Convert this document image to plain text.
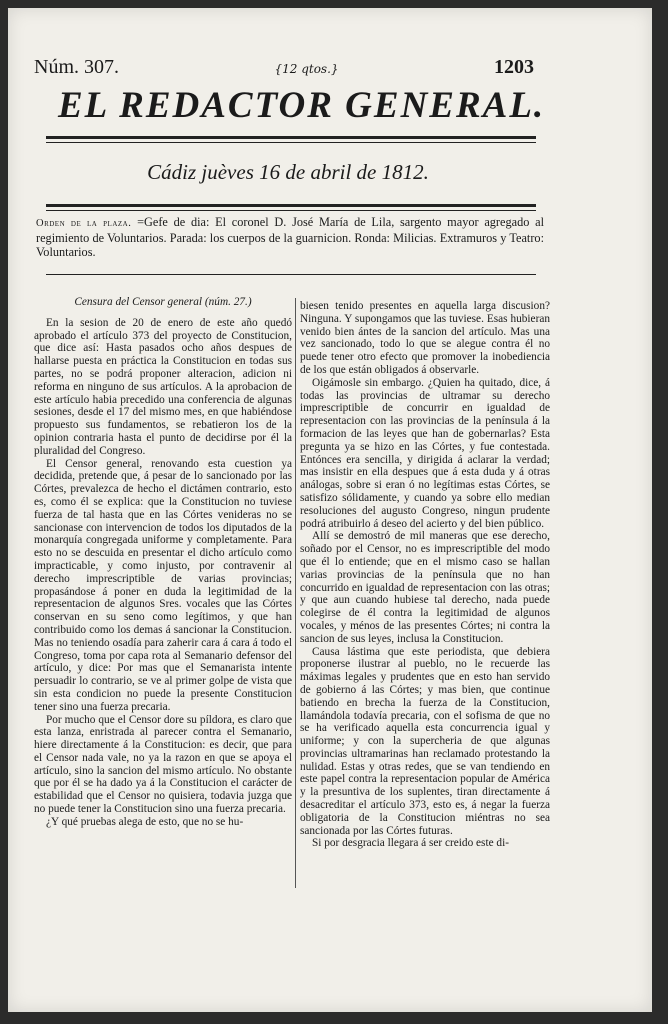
Núm. 307.	{12 qtos.}	1203
EL REDACTOR GENERAL.
Cádiz juèves 16 de abril de 1812.
Orden de la plaza. =Gefe de dia: El coronel D. José María de Lila, sargento mayor agregado al regimiento de Voluntarios. Parada: los cuerpos de la guarnicion. Ronda: Milicias. Extramuros y Teatro: Voluntarios.

Censura del Censor general (núm. 27.)

En la sesion de 20 de enero de este año quedó aprobado el artículo 373 del proyecto de Constitucion, que dice así: Hasta pasados ocho años despues de hallarse puesta en práctica la Constitucion en todas sus partes, no se podrá proponer alteracion, adicion ni reforma en ninguno de sus artículos. A la aprobacion de este artículo habia precedido una conferencia de algunas sesiones, desde el 17 del mismo mes, en que habiéndose propuesto sus fundamentos, se rebatieron los de la opinion contraria hasta el punto de decidirse por él la pluralidad del Congreso.

El Censor general, renovando esta cuestion ya decidida, pretende que, á pesar de lo sancionado por las Córtes, prevalezca de hecho el dictámen contrario, esto es, como él se explica: que la Constitucion no tuviese fuerza de tal hasta que en las Córtes venideras no se sancionase con intervencion de todos los diputados de la monarquía congregada uniforme y completamente. Para esto no se descuida en presentar el dicho artículo como impracticable, y como injusto, por contravenir al derecho imprescriptible de varias provincias; propasándose á poner en duda la legitimidad de la representacion de algunos Sres. vocales que las Córtes conservan en su seno como legítimos, y que han contribuido como los demas á sancionar la Constitucion. Mas no teniendo osadía para zaherir cara á cara á todo el Congreso, toma por capa rota al Semanario defensor del artículo, y dice: Por mas que el Semanarista intente persuadir lo contrario, se ve al primer golpe de vista que sin esta condicion no puede la presente Constitucion tener sino una fuerza precaria.

Por mucho que el Censor dore su píldora, es claro que esta lanza, enristrada al parecer contra el Semanario, hiere directamente á la Constitucion: es decir, que para el Censor nada vale, no ya la razon en que se apoya el artículo, sino la sancion del mismo artículo. No obstante que por él se ha dado ya á la Constitucion el carácter de estabilidad que el Censor no quisiera, todavia juzga que no puede tener la Constitucion sino una fuerza precaria.

¿Y qué pruebas alega de esto, que no se hu-

biesen tenido presentes en aquella larga discusion? Ninguna. Y supongamos que las tuviese. Esas hubieran venido bien ántes de la sancion del artículo. Mas una vez sancionado, todo lo que se alegue contra él no puede tener otro efecto que promover la inobediencia de los que están obligados á observarle.

Oigámosle sin embargo. ¿Quien ha quitado, dice, á todas las provincias de ultramar su derecho imprescriptible de concurrir en igualdad de representacion con las provincias de la península á la formacion de las leyes que han de gobernarlas? Esta pregunta ya se hizo en las Córtes, y fue contestada. Entónces era sencilla, y dirigida á aclarar la verdad; mas insistir en ella despues que á esta duda y á otras análogas, sobre si eran ó no legítimas estas Córtes, se satisfizo sólidamente, y cuando ya sobre ello median resoluciones del augusto Congreso, ningun prudente podrá atribuirlo á deseo del acierto y del bien público.

Allí se demostró de mil maneras que ese derecho, soñado por el Censor, no es imprescriptible del modo que él lo entiende; que en el mismo caso se hallan varias provincias de la península que no han concurrido en igualdad de representacion con las otras; y que aun cuando hubiese tal derecho, nada puede colegirse de él contra la legitimidad de algunos vocales, y ménos de las presentes Córtes; ni contra la sancion de sus leyes, inclusa la Constitucion.

Causa lástima que este periodista, que debiera proponerse ilustrar al pueblo, no le recuerde las máximas legales y prudentes que en esto han servido de gobierno á las Córtes; y mas bien, que continue batiendo en brecha la fuerza de la Constitucion, llamándola todavía precaria, con el sofisma de que no se ha verificado aquella esta concurrencia igual y uniforme; y con la supercheria de que algunas provincias ultramarinas han reclamado protestando la nulidad. Estas y otras redes, que se van tendiendo en este papel contra la representacion popular de América y la presuntiva de los suplentes, tiran directamente á desacreditar el artículo 373, esto es, á negar la fuerza obligatoria de la Constitucion miéntras no sea sancionada por las Córtes futuras.

Si por desgracia llegara á ser creido este di-
